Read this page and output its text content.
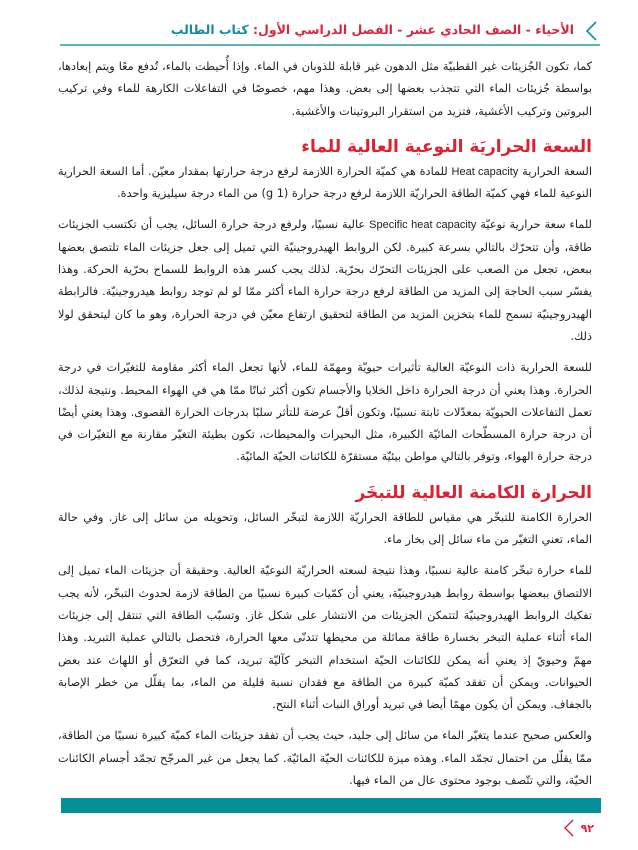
الأحياء - الصف الحادي عشر - الفصل الدراسي الأول: كتاب الطالب

كما، تكون الجُزيئات غير القطبيّة مثل الدهون غير قابلة للذوبان في الماء. وإذا أُحيطت بالماء، تُدفع معًا ويتم إبعادها، بواسطة جُزيئات الماء التي تتجذب بعضها إلى بعض. وهذا مهم، خصوصًا في التفاعلات الكارهة للماء وفي تركيب البروتين وتركيب الأغشية، فتزيد من استقرار البروتينات والأغشية.

السعة الحراريَة النوعية العالية للماء

السعة الحرارية Heat capacity للمادة هي كميّة الحرارة اللازمة لرفع درجة حرارتها بمقدار معيّن. أما السعة الحرارية النوعية للماء فهي كميّة الطاقة الحراريّة اللازمة لرفع درجة حرارة (1 g) من الماء درجة سيليزية واحدة.

للماء سعة حرارية نوعيّة Specific heat capacity عالية نسبيًا، ولرفع درجة حرارة السائل، يجب أن تكتسب الجزيئات طاقة، وأن تتحرّك بالتالي بسرعة كبيرة. لكن الروابط الهيدروجينيّة التي تميل إلى جعل جزيئات الماء تلتصق بعضها ببعض، تجعل من الصعب على الجزيئات التحرّك بحرّية. لذلك يجب كسر هذه الروابط للسماح بحرّية الحركة. وهذا يفسّر سبب الحاجة إلى المزيد من الطاقة لرفع درجة حرارة الماء أكثر ممّا لو لم توجد روابط هيدروجينيّة. فالرابطة الهيدروجينيّة تسمح للماء بتخزين المزيد من الطاقة لتحقيق ارتفاع معيّن في درجة الحرارة، وهو ما كان ليتحقق لولا ذلك.

للسعة الحرارية ذات النوعيّة العالية تأثيرات حيويّة ومهمّة للماء، لأنها تجعل الماء أكثر مقاومة للتغيّرات في درجة الحرارة. وهذا يعني أن درجة الحرارة داخل الخلايا والأجسام تكون أكثر ثباتًا ممّا هي في الهواء المحيط. ونتيجة لذلك، تعمل التفاعلات الحيويّة بمعدّلات ثابتة نسبيًا، وتكون أقلّ عرضة للتأثر سلبًا بدرجات الحرارة القصوى. وهذا يعني أيضًا أن درجة حرارة المسطّحات المائيّة الكبيرة، مثل البحيرات والمحيطات، تكون بطيئة التغيّر مقارنة مع التغيّرات في درجة حرارة الهواء، وتوفر بالتالي مواطن بيئيّة مستقرّة للكائنات الحيّة المائيّة.

الحرارة الكامنة العالية للتبخَر

الحرارة الكامنة للتبخّر هي مقياس للطاقة الحراريّة اللازمة لتبخّر السائل، وتحويله من سائل إلى غاز. وفي حالة الماء، تعني التغيّر من ماء سائل إلى بخار ماء.

للماء حرارة تبخّر كامنة عالية نسبيًا، وهذا نتيجة لسعته الحراريّة النوعيّة العالية. وحقيقة أن جزيئات الماء تميل إلى الالتصاق ببعضها بواسطة روابط هيدروجينيّة، يعني أن كمّيات كبيرة نسبيًا من الطاقة لازمة لحدوث التبخّر، لأنه يجب تفكيك الروابط الهيدروجينيّة لتتمكن الجزيئات من الانتشار على شكل غاز. وتسبّب الطاقة التي تنتقل إلى جزيئات الماء أثناء عملية التبخر بخسارة طاقة مماثلة من محيطها تتدنّى معها الحرارة، فتحصل بالتالي عملية التبريد. وهذا مهمّ وحيويّ إذ يعني أنه يمكن للكائنات الحيّة استخدام التبخر كآليّة تبريد، كما في التعرّق أو اللهاث عند بعض الحيوانات. ويمكن أن تفقد كميّة كبيرة من الطاقة مع فقدان نسبة قليلة من الماء، بما يقلّل من خطر الإصابة بالجفاف. ويمكن أن يكون مهمًا أيضا في تبريد أوراق النبات أثناء النتح.

والعكس صحيح عندما يتغيّر الماء من سائل إلى جليد، حيث يجب أن تفقد جزيئات الماء كميّة كبيرة نسبيًا من الطاقة، ممّا يقلّل من احتمال تجمّد الماء. وهذه ميزة للكائنات الحيّة المائيّة. كما يجعل من غير المرجّح تجمّد أجسام الكائنات الحيّة، والتي تتّصف بوجود محتوى عال من الماء فيها.

٩٢
